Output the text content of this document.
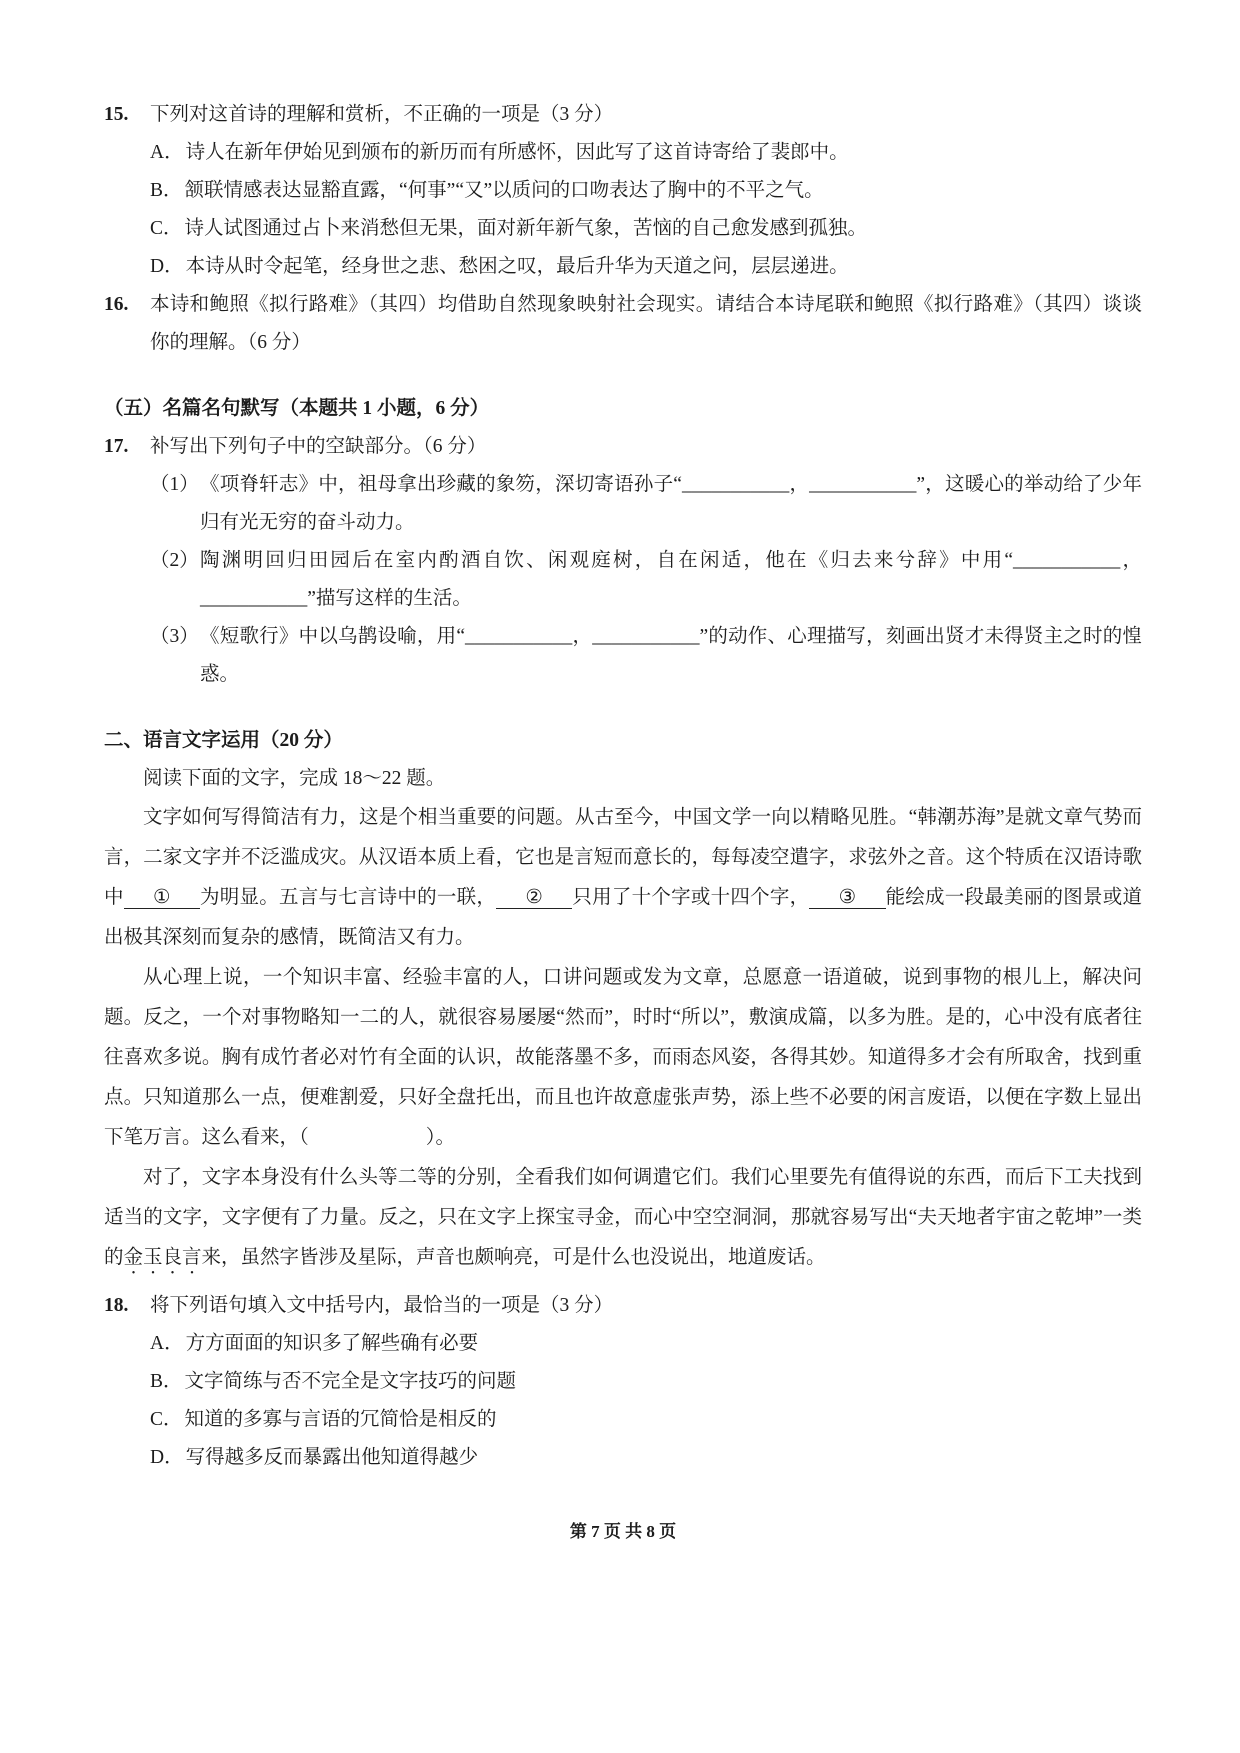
15. 下列对这首诗的理解和赏析，不正确的一项是（3 分）
A． 诗人在新年伊始见到颁布的新历而有所感怀，因此写了这首诗寄给了裴郎中。
B． 颔联情感表达显豁直露，“何事”“又”以质问的口吻表达了胸中的不平之气。
C． 诗人试图通过占卜来消愁但无果，面对新年新气象，苦恼的自己愈发感到孤独。
D． 本诗从时令起笔，经身世之悲、愁困之叹，最后升华为天道之问，层层递进。
16. 本诗和鲍照《拟行路难》（其四）均借助自然现象映射社会现实。请结合本诗尾联和鲍照《拟行路难》（其四）谈谈你的理解。（6 分）
（五）名篇名句默写（本题共 1 小题，6 分）
17. 补写出下列句子中的空缺部分。（6 分）
（1） 《项脊轩志》中，祖母拿出珍藏的象笏，深切寄语孙子“___________，___________”，这暖心的举动给了少年归有光无穷的奋斗动力。
（2） 陶渊明回归田园后在室内酌酒自饮、闲观庭树，自在闲适，他在《归去来兮辞》中用“___________，___________”描写这样的生活。
（3） 《短歌行》中以乌鹊设喻，用“___________，___________”的动作、心理描写，刻画出贤才未得贤主之时的惶惑。
二、语言文字运用（20 分）

阅读下面的文字，完成 18～22 题。

文字如何写得简洁有力，这是个相当重要的问题。从古至今，中国文学一向以精略见胜。“韩潮苏海”是就文章气势而言，二家文字并不泛滥成灾。从汉语本质上看，它也是言短而意长的，每每凌空遣字，求弦外之音。这个特质在汉语诗歌中 ① 为明显。五言与七言诗中的一联， ② 只用了十个字或十四个字， ③ 能绘成一段最美丽的图景或道出极其深刻而复杂的感情，既简洁又有力。

从心理上说，一个知识丰富、经验丰富的人，口讲问题或发为文章，总愿意一语道破，说到事物的根儿上，解决问题。反之，一个对事物略知一二的人，就很容易屡屡“然而”，时时“所以”，敷演成篇，以多为胜。是的，心中没有底者往往喜欢多说。胸有成竹者必对竹有全面的认识，故能落墨不多，而雨态风姿，各得其妙。知道得多才会有所取舍，找到重点。只知道那么一点，便难割爱，只好全盘托出，而且也许故意虚张声势，添上些不必要的闲言废语，以便在字数上显出下笔万言。这么看来，（　　　　　　）。

对了，文字本身没有什么头等二等的分别，全看我们如何调遣它们。我们心里要先有值得说的东西，而后下工夫找到适当的文字，文字便有了力量。反之，只在文字上探宝寻金，而心中空空洞洞，那就容易写出“夫天地者宇宙之乾坤”一类的金玉良言来，虽然字皆涉及星际，声音也颇响亮，可是什么也没说出，地道废话。

18. 将下列语句填入文中括号内，最恰当的一项是（3 分）
A． 方方面面的知识多了解些确有必要
B． 文字简练与否不完全是文字技巧的问题
C． 知道的多寡与言语的冗简恰是相反的
D． 写得越多反而暴露出他知道得越少
第 7 页 共 8 页
